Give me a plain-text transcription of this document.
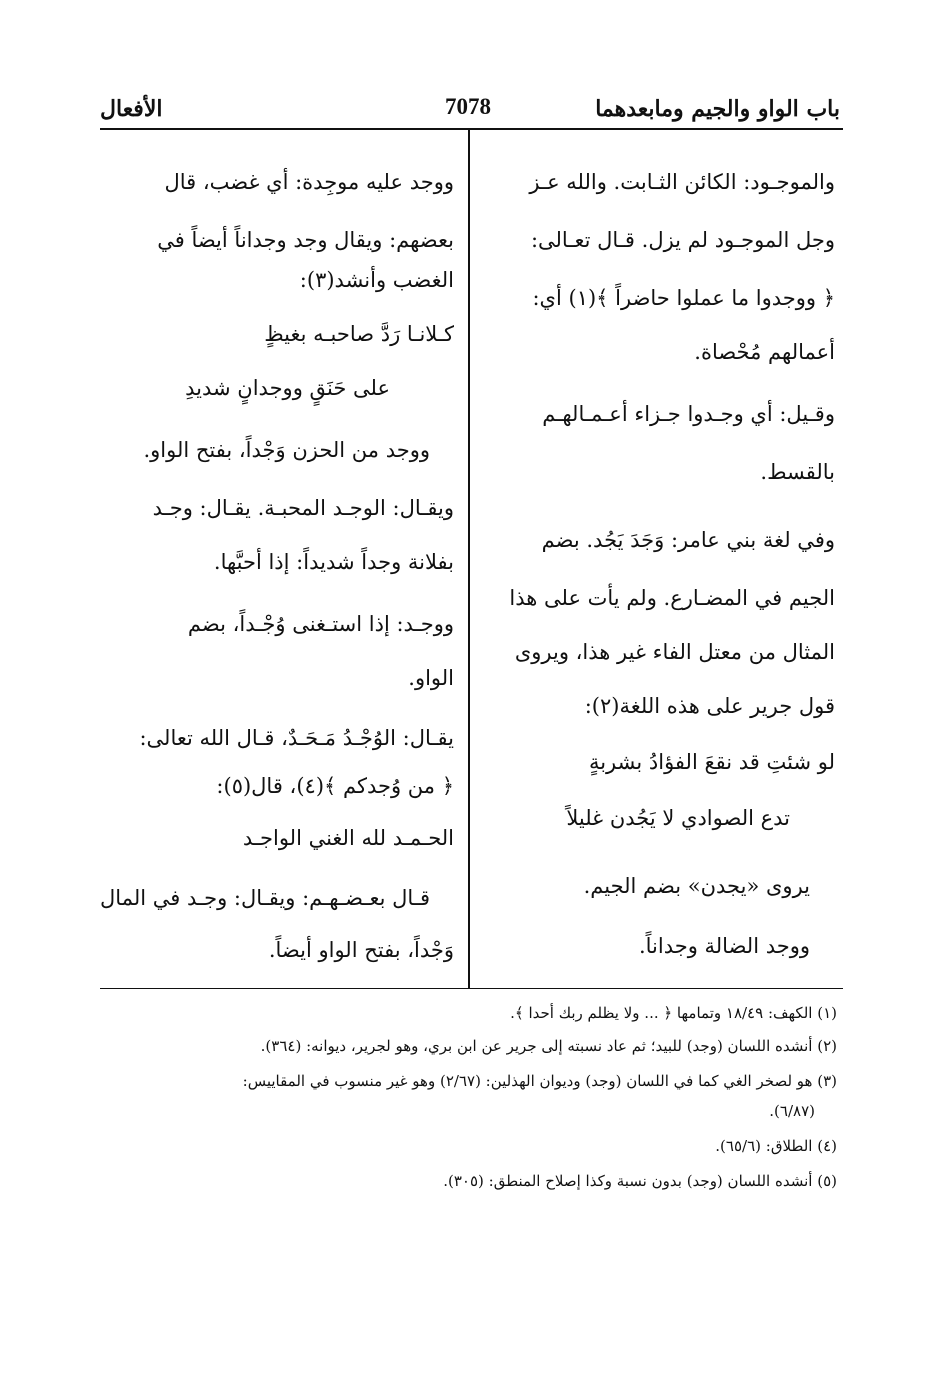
باب الواو والجيم ومابعدهما
7078
الأفعال
والموجـود: الكائن الثـابت. والله عـز
وجل الموجـود لم يزل. قـال تعـالى:
﴿ ووجدوا ما عملوا حاضراً ﴾(١) أي:
أعمالهم مُحْصاة.
وقـيل: أي وجـدوا جـزاء أعـمـالهـم
بالقسط.
وفي لغة بني عامر: وَجَدَ يَجُد. بضم
الجيم في المضـارع. ولم يأت على هذا
المثال من معتل الفاء غير هذا، ويروى
قول جرير على هذه اللغة(٢):
لو شئتِ قد نقعَ الفؤادُ بشربةٍ
تدع الصوادي لا يَجُدن غليلاً
يروى «يجدن» بضم الجيم.
ووجد الضالة وجداناً.
ووجد عليه موجِدة: أي غضب، قال
بعضهم: ويقال وجد وجداناً أيضاً في
الغضب وأنشد(٣):
كـلانـا رَدَّ صاحبـه بغيظٍ
على حَنَقٍ ووجدانٍ شديدِ
ووجد من الحزن وَجْداً، بفتح الواو.
ويقـال: الوجـد المحبـة. يقـال: وجـد
بفلانة وجداً شديداً: إذا أحبَّها.
ووجـد: إذا استـغنى وُجْـداً، بضم
الواو.
يقـال: الوُجْـدُ مَـحَـدٌ، قـال الله تعالى:
﴿ من وُجدكم ﴾(٤)، قال(٥):
الحـمـد لله الغني الواجـد
قـال بعـضـهـم: ويقـال: وجـد في المال
وَجْداً، بفتح الواو أيضاً.
(١) الكهف: ١٨/٤٩ وتمامها ﴿ ... ولا يظلم ربك أحدا ﴾.
(٢) أنشده اللسان (وجد) للبيد؛ ثم عاد نسبته إلى جرير عن ابن بري، وهو لجرير، ديوانه: (٣٦٤).
(٣) هو لصخر الغي كما في اللسان (وجد) وديوان الهذلين: (٢/٦٧) وهو غير منسوب في المقاييس:
(٦/٨٧).
(٤) الطلاق: (٦٥/٦).
(٥) أنشده اللسان (وجد) بدون نسبة وكذا إصلاح المنطق: (٣٠٥).
